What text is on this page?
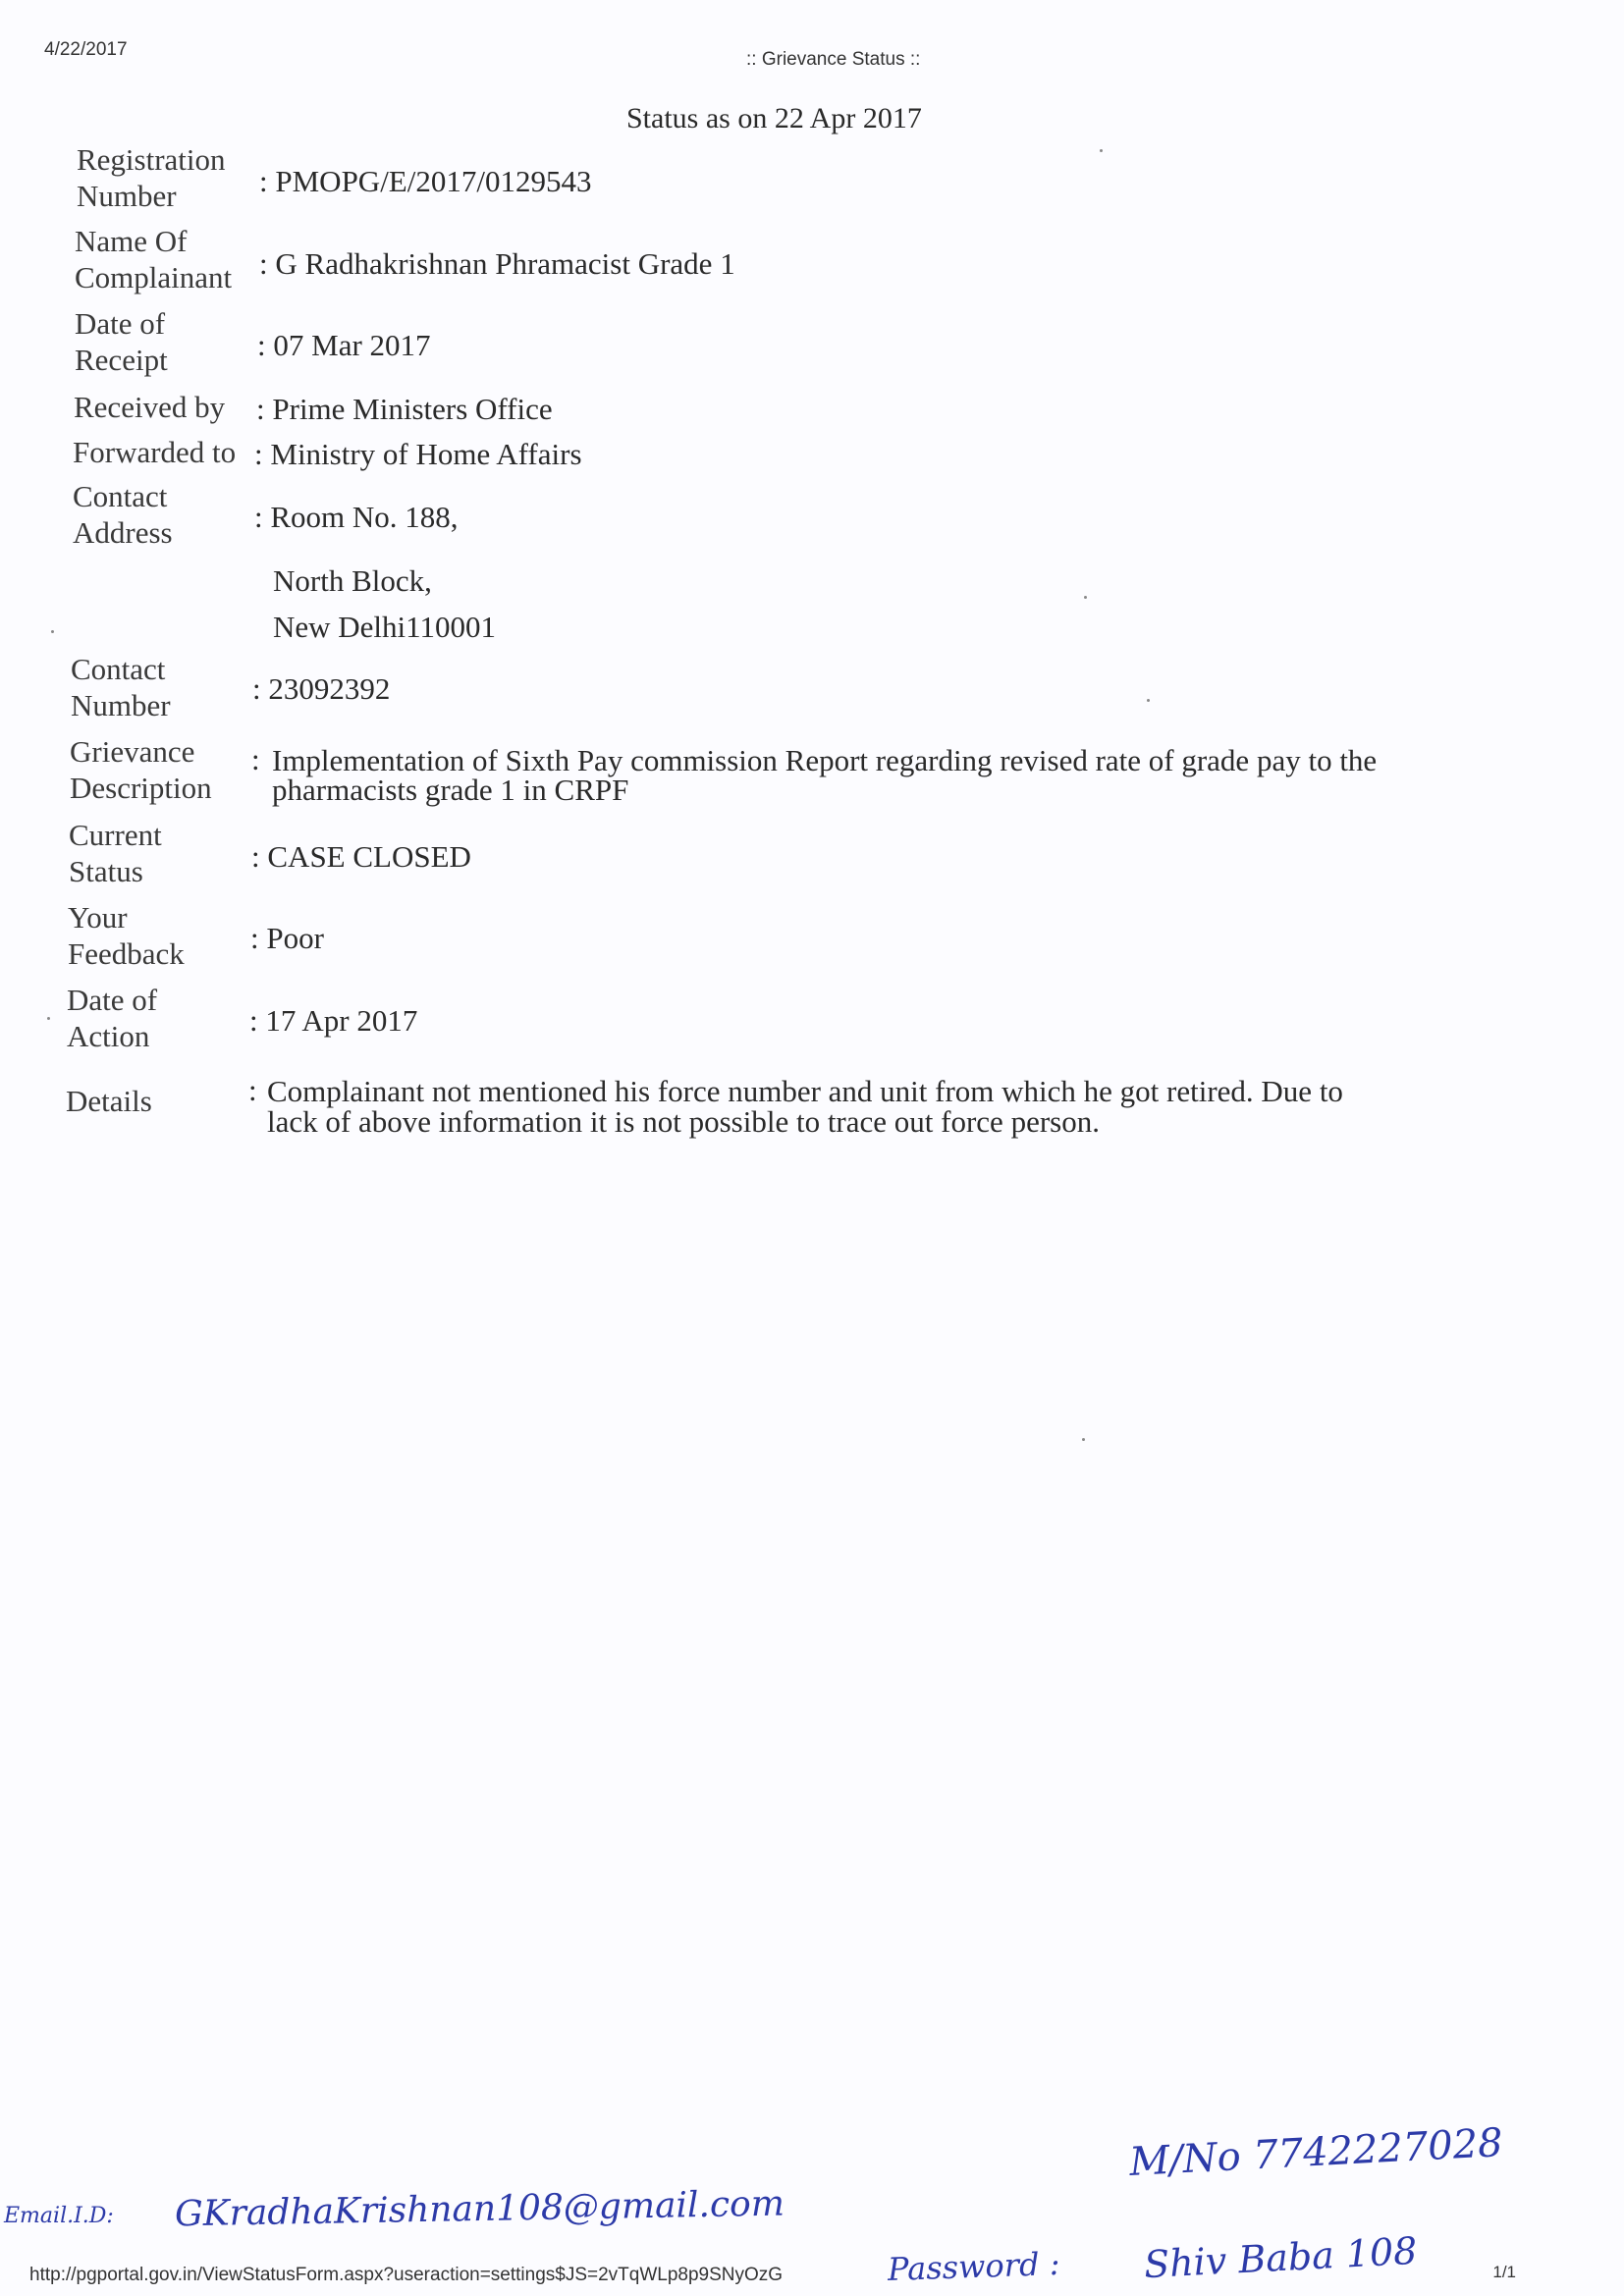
4/22/2017	:: Grievance Status ::
Status as on 22 Apr 2017
Registration
Number	: PMOPG/E/2017/0129543
Name Of
Complainant : G Radhakrishnan Phramacist Grade 1
Date of
Receipt	: 07 Mar 2017
Received by : Prime Ministers Office
Forwarded to : Ministry of Home Affairs
Contact
Address	: Room No. 188,
North Block,
New Delhi110001
Contact
Number	: 23092392
Grievance
Description
: Implementation of Sixth Pay commission Report regarding revised rate of grade pay to the
pharmacists grade 1 in CRPF
Current
Status	: CASE CLOSED
Your
Feedback : Poor
Date of
Action	: 17 Apr 2017
Details	: Complainant not mentioned his force number and unit from which he got retired. Due to
lack of above information it is not possible to trace out force person.
M/No 7742227028
Email.I.D: GKradhaKrishnan108@gmail.com
Password : Shiv Baba 108
http://pgportal.gov.in/ViewStatusForm.aspx?useraction=settings$JS=2vTqWLp8p9SNyOzG	1/1
